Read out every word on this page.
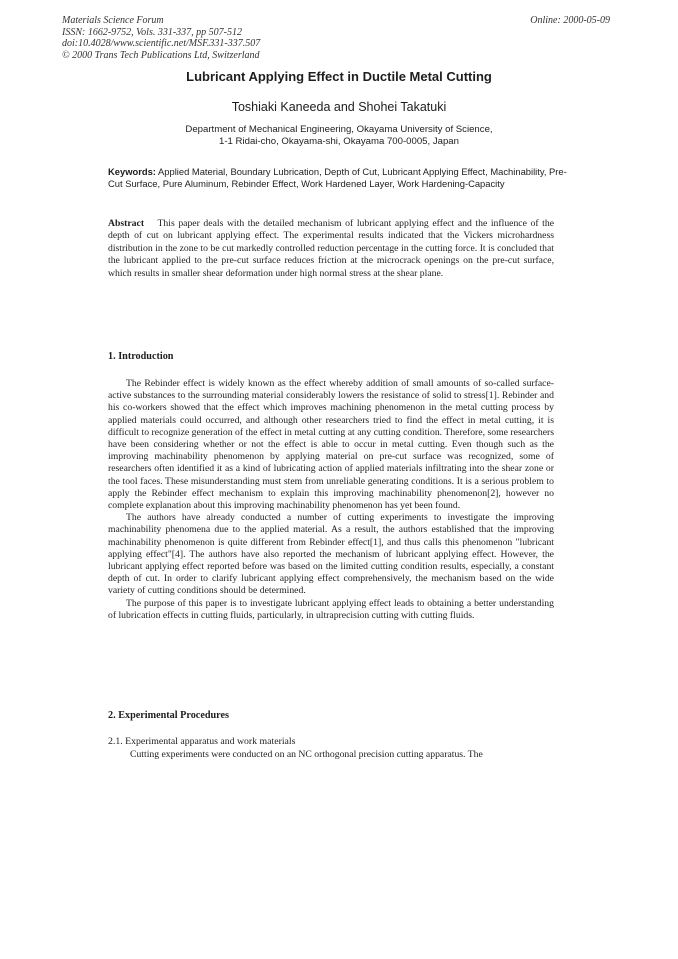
Materials Science Forum
ISSN: 1662-9752, Vols. 331-337, pp 507-512
doi:10.4028/www.scientific.net/MSF.331-337.507
© 2000 Trans Tech Publications Ltd, Switzerland
Online: 2000-05-09
Lubricant Applying Effect in Ductile Metal Cutting
Toshiaki Kaneeda and Shohei Takatuki
Department of Mechanical Engineering, Okayama University of Science,
1-1 Ridai-cho, Okayama-shi, Okayama 700-0005, Japan
Keywords: Applied Material, Boundary Lubrication, Depth of Cut, Lubricant Applying Effect, Machinability, Pre-Cut Surface, Pure Aluminum, Rebinder Effect, Work Hardened Layer, Work Hardening-Capacity
Abstract This paper deals with the detailed mechanism of lubricant applying effect and the influence of the depth of cut on lubricant applying effect. The experimental results indicated that the Vickers microhardness distribution in the zone to be cut markedly controlled reduction percentage in the cutting force. It is concluded that the lubricant applied to the pre-cut surface reduces friction at the microcrack openings on the pre-cut surface, which results in smaller shear deformation under high normal stress at the shear plane.
1. Introduction

The Rebinder effect is widely known as the effect whereby addition of small amounts of so-called surface-active substances to the surrounding material considerably lowers the resistance of solid to stress[1]. Rebinder and his co-workers showed that the effect which improves machining phenomenon in the metal cutting process by applied materials could occurred, and although other researchers tried to find the effect in metal cutting, it is difficult to recognize generation of the effect in metal cutting at any cutting condition. Therefore, some researchers have been considering whether or not the effect is able to occur in metal cutting. Even though such as the improving machinability phenomenon by applying material on pre-cut surface was recognized, some of researchers often identified it as a kind of lubricating action of applied materials infiltrating into the shear zone or the tool faces. These misunderstanding must stem from unreliable generating conditions. It is a serious problem to apply the Rebinder effect mechanism to explain this improving machinability phenomenon[2], however no complete explanation about this improving machinability phenomenon has yet been found.

The authors have already conducted a number of cutting experiments to investigate the improving machinability phenomena due to the applied material. As a result, the authors established that the improving machinability phenomenon is quite different from Rebinder effect[1], and thus calls this phenomenon "lubricant applying effect"[4]. The authors have also reported the mechanism of lubricant applying effect. However, the lubricant applying effect reported before was based on the limited cutting condition results, especially, a constant depth of cut. In order to clarify lubricant applying effect comprehensively, the mechanism based on the wide variety of cutting conditions should be determined.

The purpose of this paper is to investigate lubricant applying effect leads to obtaining a better understanding of lubrication effects in cutting fluids, particularly, in ultraprecision cutting with cutting fluids.

2. Experimental Procedures
2.1. Experimental apparatus and work materials
Cutting experiments were conducted on an NC orthogonal precision cutting apparatus. The
